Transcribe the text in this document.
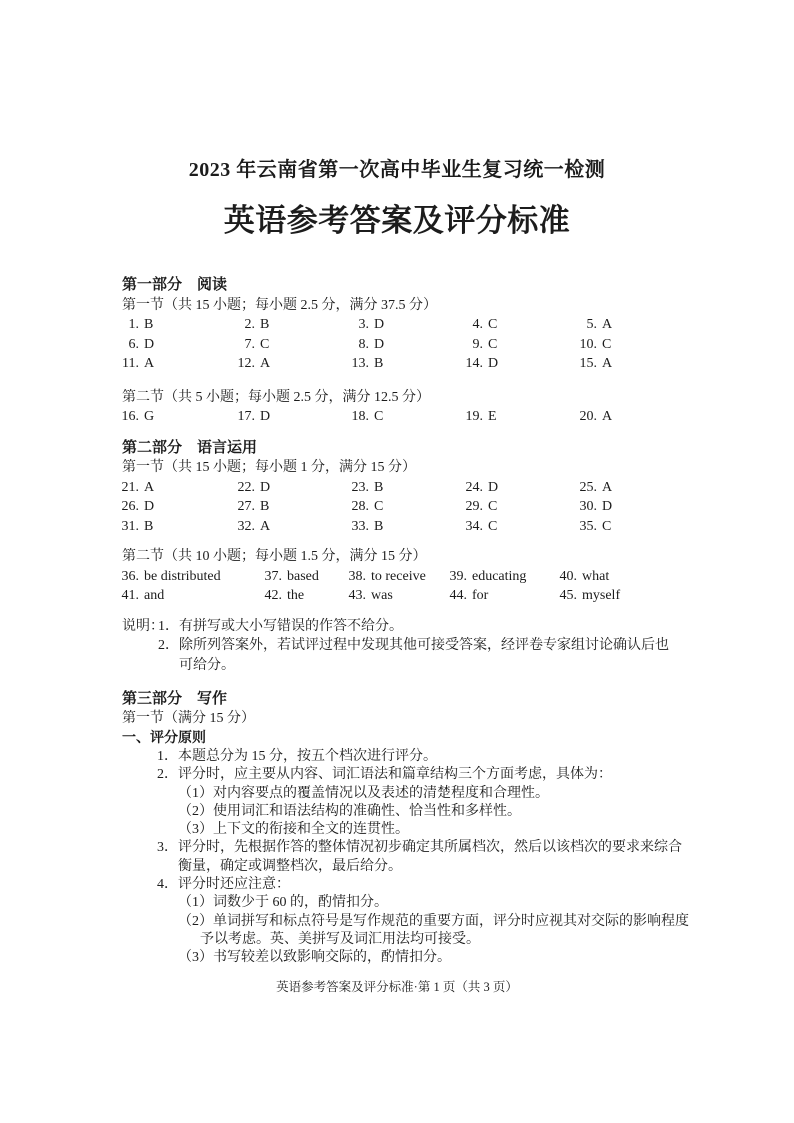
2023 年云南省第一次高中毕业生复习统一检测
英语参考答案及评分标准
第一部分　阅读
第一节（共 15 小题；每小题 2.5 分，满分 37.5 分）
1. B	2. B	3. D	4. C	5. A
6. D	7. C	8. D	9. C	10. C
11. A	12. A	13. B	14. D	15. A
第二节（共 5 小题；每小题 2.5 分，满分 12.5 分）
16. G	17. D	18. C	19. E	20. A
第二部分　语言运用
第一节（共 15 小题；每小题 1 分，满分 15 分）
21. A	22. D	23. B	24. D	25. A
26. D	27. B	28. C	29. C	30. D
31. B	32. A	33. B	34. C	35. C
第二节（共 10 小题；每小题 1.5 分，满分 15 分）
36. be distributed	37. based	38. to receive	39. educating	40. what
41. and	42. the	43. was	44. for	45. myself
说明：1．有拼写或大小写错误的作答不给分。
2．除所列答案外，若试评过程中发现其他可接受答案，经评卷专家组讨论确认后也
可给分。
第三部分　写作
第一节（满分 15 分）
一、评分原则
1．本题总分为 15 分，按五个档次进行评分。
2．评分时，应主要从内容、词汇语法和篇章结构三个方面考虑，具体为：
（1）对内容要点的覆盖情况以及表述的清楚程度和合理性。
（2）使用词汇和语法结构的准确性、恰当性和多样性。
（3）上下文的衔接和全文的连贯性。
3．评分时，先根据作答的整体情况初步确定其所属档次，然后以该档次的要求来综合
衡量，确定或调整档次，最后给分。
4．评分时还应注意：
（1）词数少于 60 的，酌情扣分。
（2）单词拼写和标点符号是写作规范的重要方面，评分时应视其对交际的影响程度
予以考虑。英、美拼写及词汇用法均可接受。
（3）书写较差以致影响交际的，酌情扣分。
英语参考答案及评分标准·第 1 页（共 3 页）
